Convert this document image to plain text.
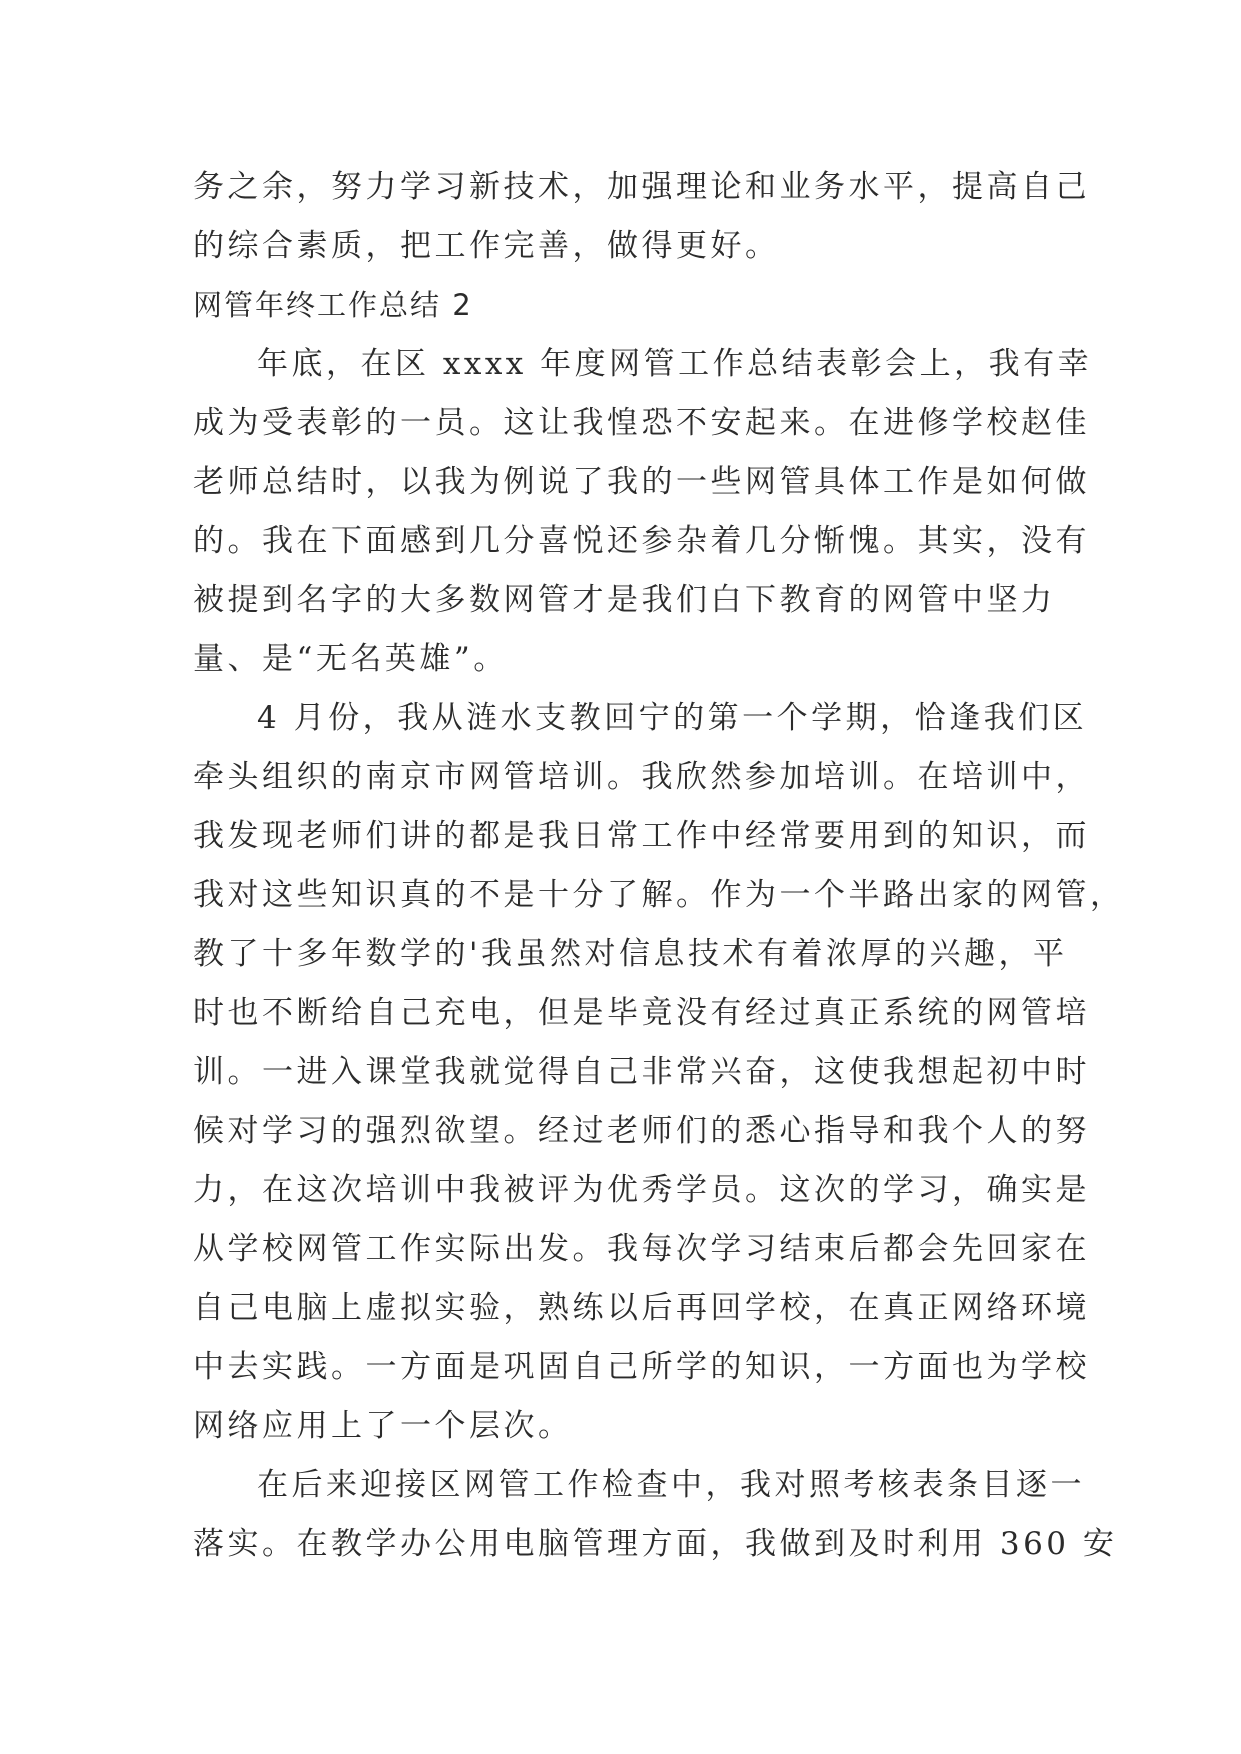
务之余，努力学习新技术，加强理论和业务水平，提高自己
的综合素质，把工作完善，做得更好。
网管年终工作总结 2
年底，在区 xxxx 年度网管工作总结表彰会上，我有幸
成为受表彰的一员。这让我惶恐不安起来。在进修学校赵佳
老师总结时，以我为例说了我的一些网管具体工作是如何做
的。我在下面感到几分喜悦还参杂着几分惭愧。其实，没有
被提到名字的大多数网管才是我们白下教育的网管中坚力
量、是“无名英雄”。
4 月份，我从涟水支教回宁的第一个学期，恰逢我们区
牵头组织的南京市网管培训。我欣然参加培训。在培训中，
我发现老师们讲的都是我日常工作中经常要用到的知识，而
我对这些知识真的不是十分了解。作为一个半路出家的网管，
教了十多年数学的'我虽然对信息技术有着浓厚的兴趣，平
时也不断给自己充电，但是毕竟没有经过真正系统的网管培
训。一进入课堂我就觉得自己非常兴奋，这使我想起初中时
候对学习的强烈欲望。经过老师们的悉心指导和我个人的努
力，在这次培训中我被评为优秀学员。这次的学习，确实是
从学校网管工作实际出发。我每次学习结束后都会先回家在
自己电脑上虚拟实验，熟练以后再回学校，在真正网络环境
中去实践。一方面是巩固自己所学的知识，一方面也为学校
网络应用上了一个层次。
在后来迎接区网管工作检查中，我对照考核表条目逐一
落实。在教学办公用电脑管理方面，我做到及时利用 360 安
